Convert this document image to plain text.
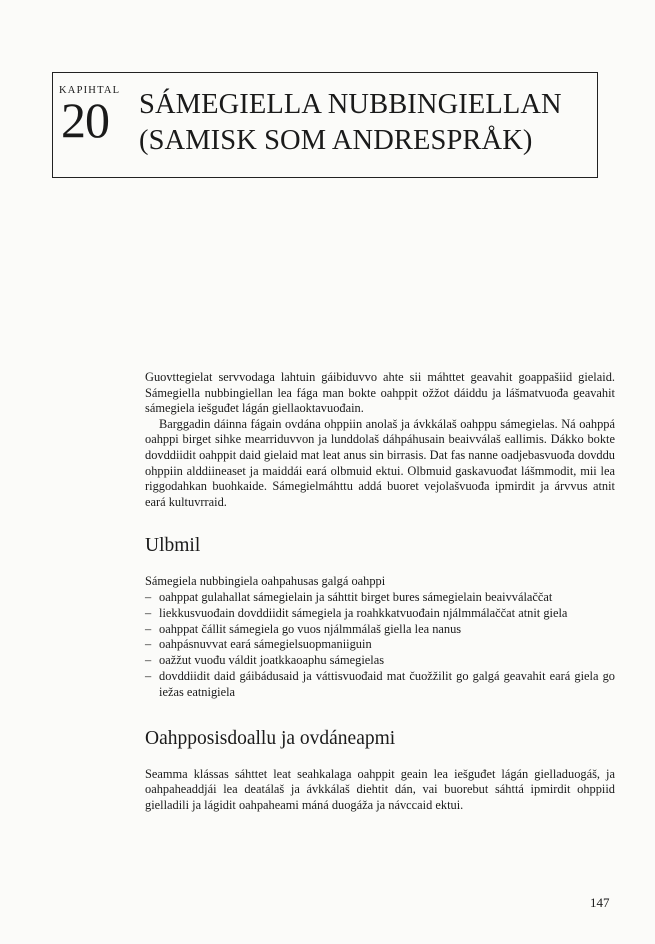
KAPIHTAL
20 SÁMEGIELLA NUBBINGIELLAN
(SAMISK SOM ANDRESPRÅK)

Guovttegielat servvodaga lahtuin gáibiduvvo ahte sii máhttet geavahit goappašiid gielaid. Sámegiella nubbingiellan lea fága man bokte oahppit ožžot dáiddu ja lášmatvuođa geavahit sámegiela iešguđet lágán giellaoktavuođain.

Barggadin dáinna fágain ovdána ohppiin anolaš ja ávkkálaš oahppu sámegielas. Ná oahppá oahppi birget sihke mearriduvvon ja lunddolaš dáhpáhusain beaivválaš eallimis. Dákko bokte dovddiidit oahppit daid gielaid mat leat anus sin birrasis. Dat fas nanne oadjebasvuođa dovddu ohppiin alddiineaset ja maiddái eará olbmuid ektui. Olbmuid gaskavuođat lášmmodit, mii lea riggodahkan buohkaide. Sámegielmáhttu addá buoret vejolašvuođa ipmirdit ja árvvus atnit eará kultuvrraid.

Ulbmil

Sámegiela nubbingiela oahpahusas galgá oahppi

– oahppat gulahallat sámegielain ja sáhttit birget bures sámegielain beaivválaččat
– liekkusvuođain dovddiidit sámegiela ja roahkkatvuođain njálmmálaččat atnit giela
– oahppat čállit sámegiela go vuos njálmmálaš giella lea nanus
– oahpásnuvvat eará sámegielsuopmaniiguin
– oažžut vuođu váldit joatkkaoaphu sámegielas
– dovddiidit daid gáibádusaid ja váttisvuođaid mat čuožžilit go galgá geavahit eará giela go iežas eatnigiela
Oahpposisdoallu ja ovdáneapmi

Seamma klássas sáhttet leat seahkalaga oahppit geain lea iešguđet lágán gielladuogáš, ja oahpaheaddjái lea deatálaš ja ávkkálaš diehtit dán, vai buorebut sáhttá ipmirdit ohppiid gielladili ja lágidit oahpaheami máná duogáža ja návccaid ektui.

147
